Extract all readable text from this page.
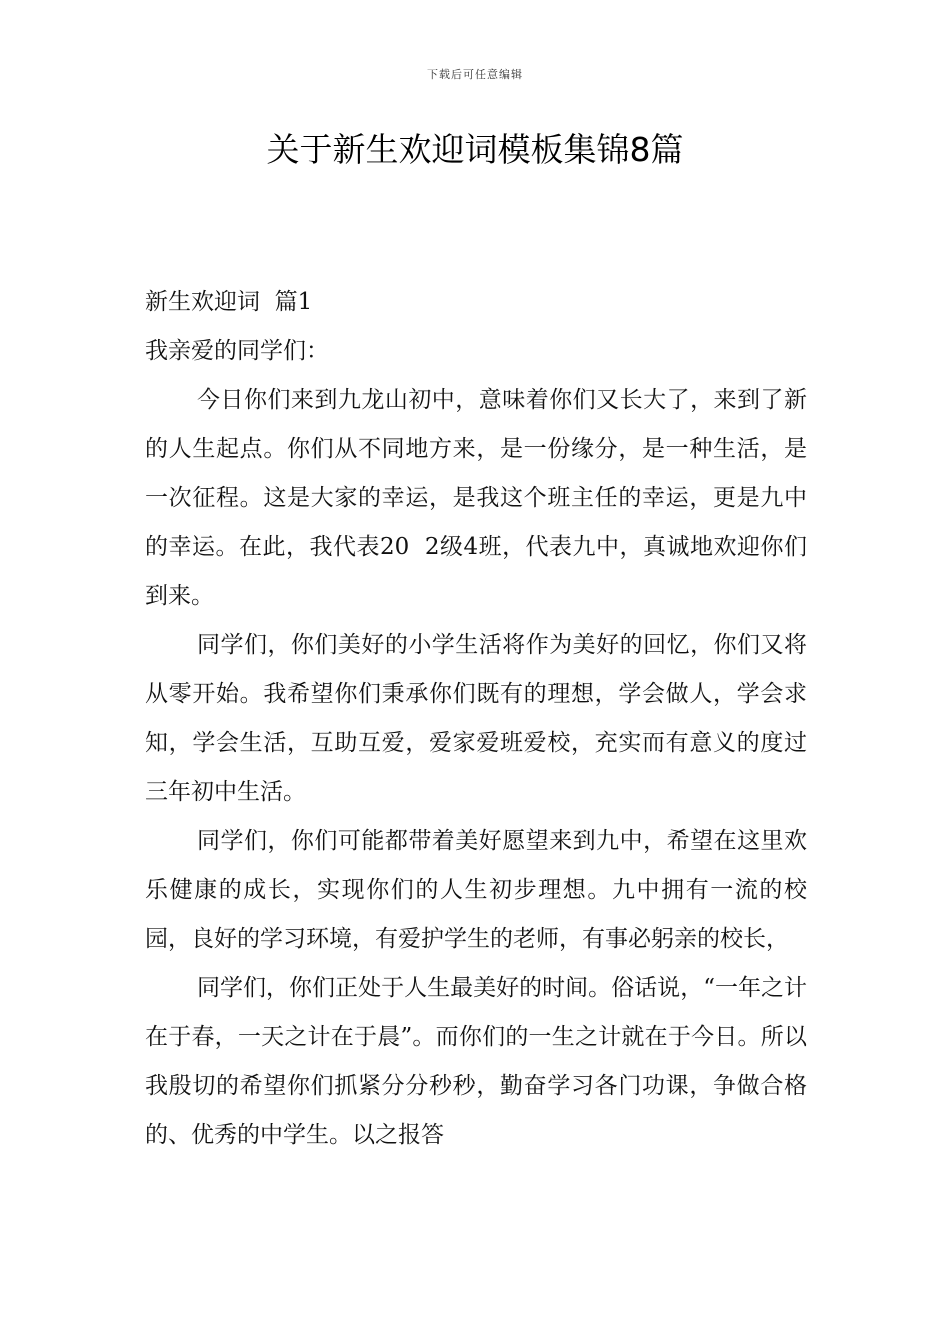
下载后可任意编辑
关于新生欢迎词模板集锦8篇

新生欢迎词  篇1

我亲爱的同学们：

今日你们来到九龙山初中，意味着你们又长大了，来到了新的人生起点。你们从不同地方来，是一份缘分，是一种生活，是一次征程。这是大家的幸运，是我这个班主任的幸运，更是九中的幸运。在此，我代表20  2级4班，代表九中，真诚地欢迎你们到来。

同学们，你们美好的小学生活将作为美好的回忆，你们又将从零开始。我希望你们秉承你们既有的理想，学会做人，学会求知，学会生活，互助互爱，爱家爱班爱校，充实而有意义的度过三年初中生活。

同学们，你们可能都带着美好愿望来到九中，希望在这里欢乐健康的成长，实现你们的人生初步理想。九中拥有一流的校园，良好的学习环境，有爱护学生的老师，有事必躬亲的校长，

同学们，你们正处于人生最美好的时间。俗话说，“一年之计在于春，一天之计在于晨”。而你们的一生之计就在于今日。所以我殷切的希望你们抓紧分分秒秒，勤奋学习各门功课，争做合格的、优秀的中学生。以之报答
